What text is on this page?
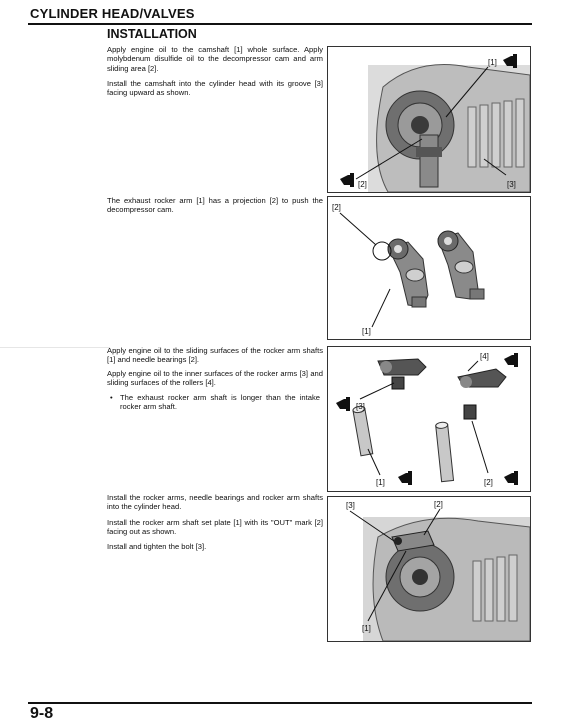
CYLINDER HEAD/VALVES
INSTALLATION

Apply engine oil to the camshaft [1] whole surface. Apply molybdenum disulfide oil to the decompressor cam and arm sliding area [2].

Install the camshaft into the cylinder head with its groove [3] facing upward as shown.

[1]
[2]	[3]

The exhaust rocker arm [1] has a projection [2] to push the decompressor cam.	[2]
[1]

Apply engine oil to the sliding surfaces of the rocker arm shafts [1] and needle bearings [2].

Apply engine oil to the inner surfaces of the rocker arms [3] and sliding surfaces of the rollers [4].

• The exhaust rocker arm shaft is longer than the intake rocker arm shaft.
[4]
[3]
[1]	[2]

Install the rocker arms, needle bearings and rocker arm shafts into the cylinder head.

Install the rocker arm shaft set plate [1] with its "OUT" mark [2] facing out as shown.

Install and tighten the bolt [3].

[3]	[2]
[1]
9-8
